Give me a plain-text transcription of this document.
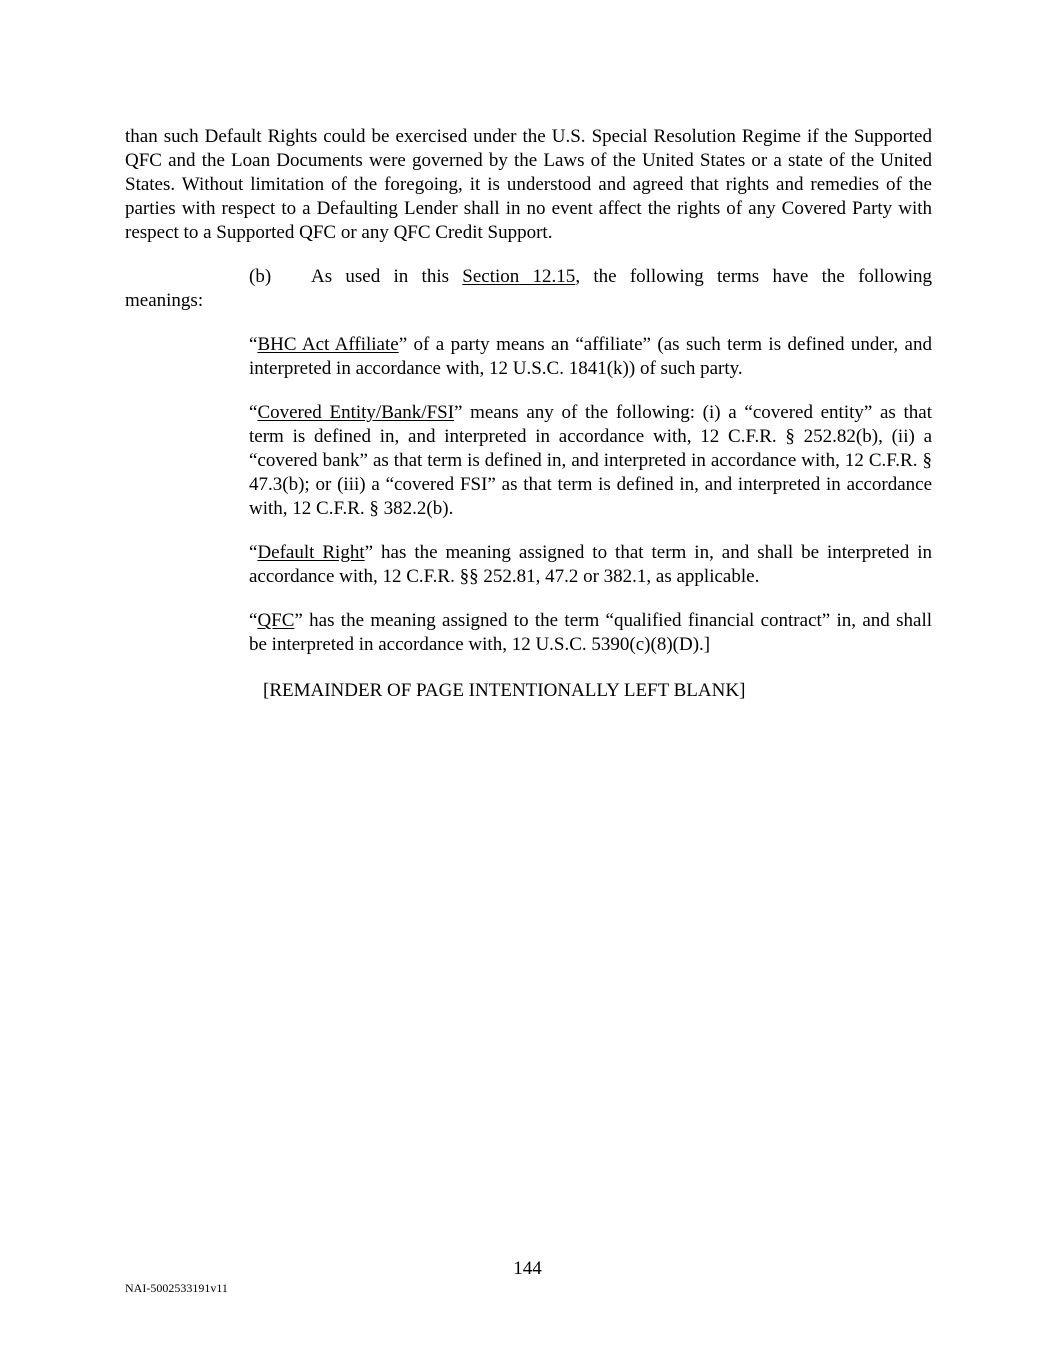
than such Default Rights could be exercised under the U.S. Special Resolution Regime if the Supported QFC and the Loan Documents were governed by the Laws of the United States or a state of the United States. Without limitation of the foregoing, it is understood and agreed that rights and remedies of the parties with respect to a Defaulting Lender shall in no event affect the rights of any Covered Party with respect to a Supported QFC or any QFC Credit Support.

(b) As used in this Section 12.15, the following terms have the following
meanings:

“BHC Act Affiliate” of a party means an “affiliate” (as such term is defined under, and interpreted in accordance with, 12 U.S.C. 1841(k)) of such party.

“Covered Entity/Bank/FSI” means any of the following: (i) a “covered entity” as that term is defined in, and interpreted in accordance with, 12 C.F.R. § 252.82(b), (ii) a “covered bank” as that term is defined in, and interpreted in accordance with, 12 C.F.R. § 47.3(b); or (iii) a “covered FSI” as that term is defined in, and interpreted in accordance with, 12 C.F.R. § 382.2(b).

“Default Right” has the meaning assigned to that term in, and shall be interpreted in accordance with, 12 C.F.R. §§ 252.81, 47.2 or 382.1, as applicable.

“QFC” has the meaning assigned to the term “qualified financial contract” in, and shall be interpreted in accordance with, 12 U.S.C. 5390(c)(8)(D).]

[REMAINDER OF PAGE INTENTIONALLY LEFT BLANK]
144
NAI-5002533191v11
